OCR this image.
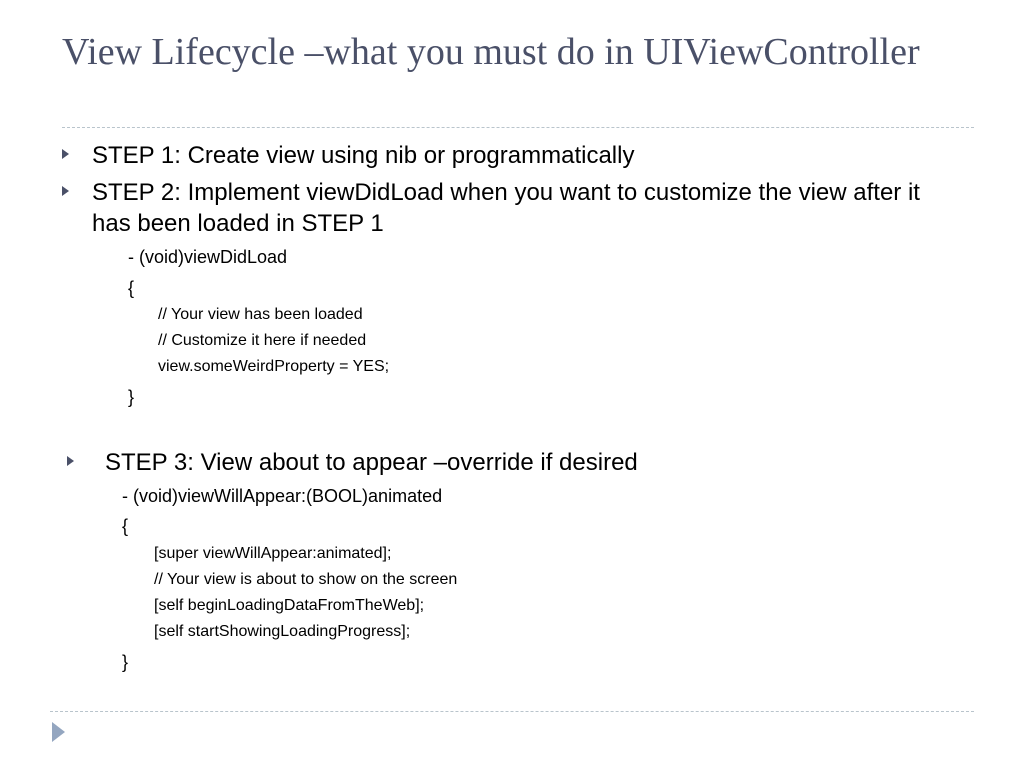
View Lifecycle –what you must do in UIViewController
STEP 1: Create view using nib or programmatically
STEP 2: Implement viewDidLoad when you want to customize the view after it has been loaded in STEP 1
- (void)viewDidLoad
{
// Your view has been loaded
// Customize it here if needed
view.someWeirdProperty = YES;
}
STEP 3: View about to appear –override if desired
- (void)viewWillAppear:(BOOL)animated
{
[super viewWillAppear:animated];
// Your view is about to show on the screen
[self beginLoadingDataFromTheWeb];
[self startShowingLoadingProgress];
}
